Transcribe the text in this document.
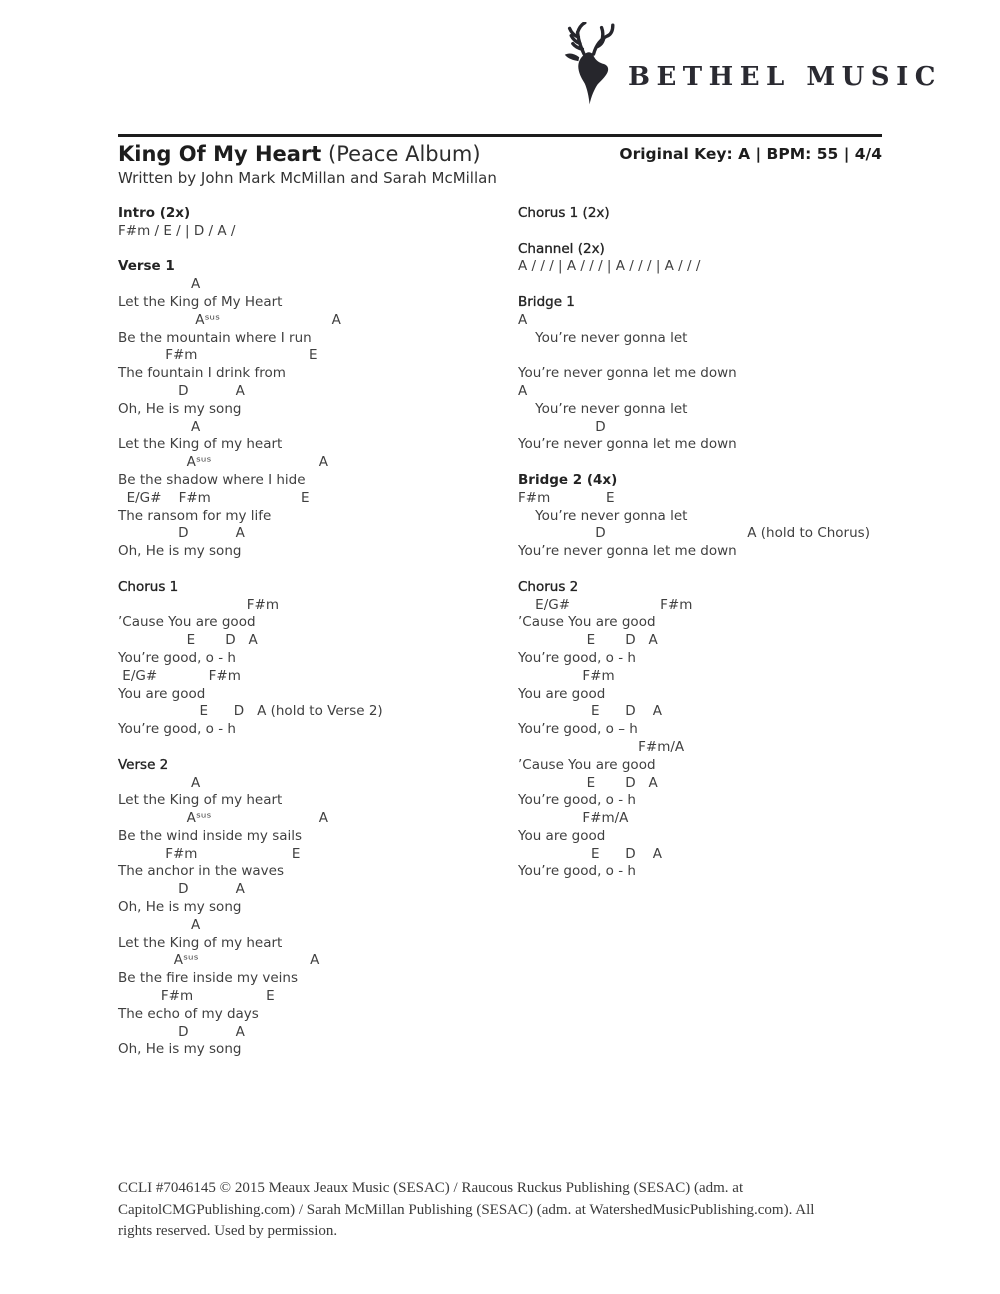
BETHEL MUSIC
King Of My Heart (Peace Album)	Original Key: A | BPM: 55 | 4/4
Written by John Mark McMillan and Sarah McMillan
Intro (2x)
F#m / E / | D / A /
Verse 1
A
Let the King of My Heart
Aˢᵘˢ                          A
Be the mountain where I run
F#m                          E
The fountain I drink from
D           A
Oh, He is my song
A
Let the King of my heart
Aˢᵘˢ                         A
Be the shadow where I hide
E/G#    F#m                     E
The ransom for my life
D           A
Oh, He is my song
Chorus 1
F#m
’Cause You are good
E       D   A
You’re good, o - h
E/G#            F#m
You are good
E      D   A (hold to Verse 2)
You’re good, o - h
Verse 2
A
Let the King of my heart
Aˢᵘˢ                         A
Be the wind inside my sails
F#m                      E
The anchor in the waves
D           A
Oh, He is my song
A
Let the King of my heart
Aˢᵘˢ                          A
Be the fire inside my veins
F#m                 E
The echo of my days
D           A
Oh, He is my song
Chorus 1 (2x)
Channel (2x)
A / / / | A / / / | A / / / | A / / /
Bridge 1
A
You’re never gonna let

You’re never gonna let me down
A
You’re never gonna let
D
You’re never gonna let me down
Bridge 2 (4x)
F#m             E
You’re never gonna let
D                                 A (hold to Chorus)
You’re never gonna let me down
Chorus 2
E/G#                     F#m
’Cause You are good
E       D   A
You’re good, o - h
F#m
You are good
E      D    A
You’re good, o – h
F#m/A
’Cause You are good
E       D   A
You’re good, o - h
F#m/A
You are good
E      D    A
You’re good, o - h
CCLI #7046145 © 2015 Meaux Jeaux Music (SESAC) / Raucous Ruckus Publishing (SESAC) (adm. at
CapitolCMGPublishing.com) / Sarah McMillan Publishing (SESAC) (adm. at WatershedMusicPublishing.com). All
rights reserved. Used by permission.
